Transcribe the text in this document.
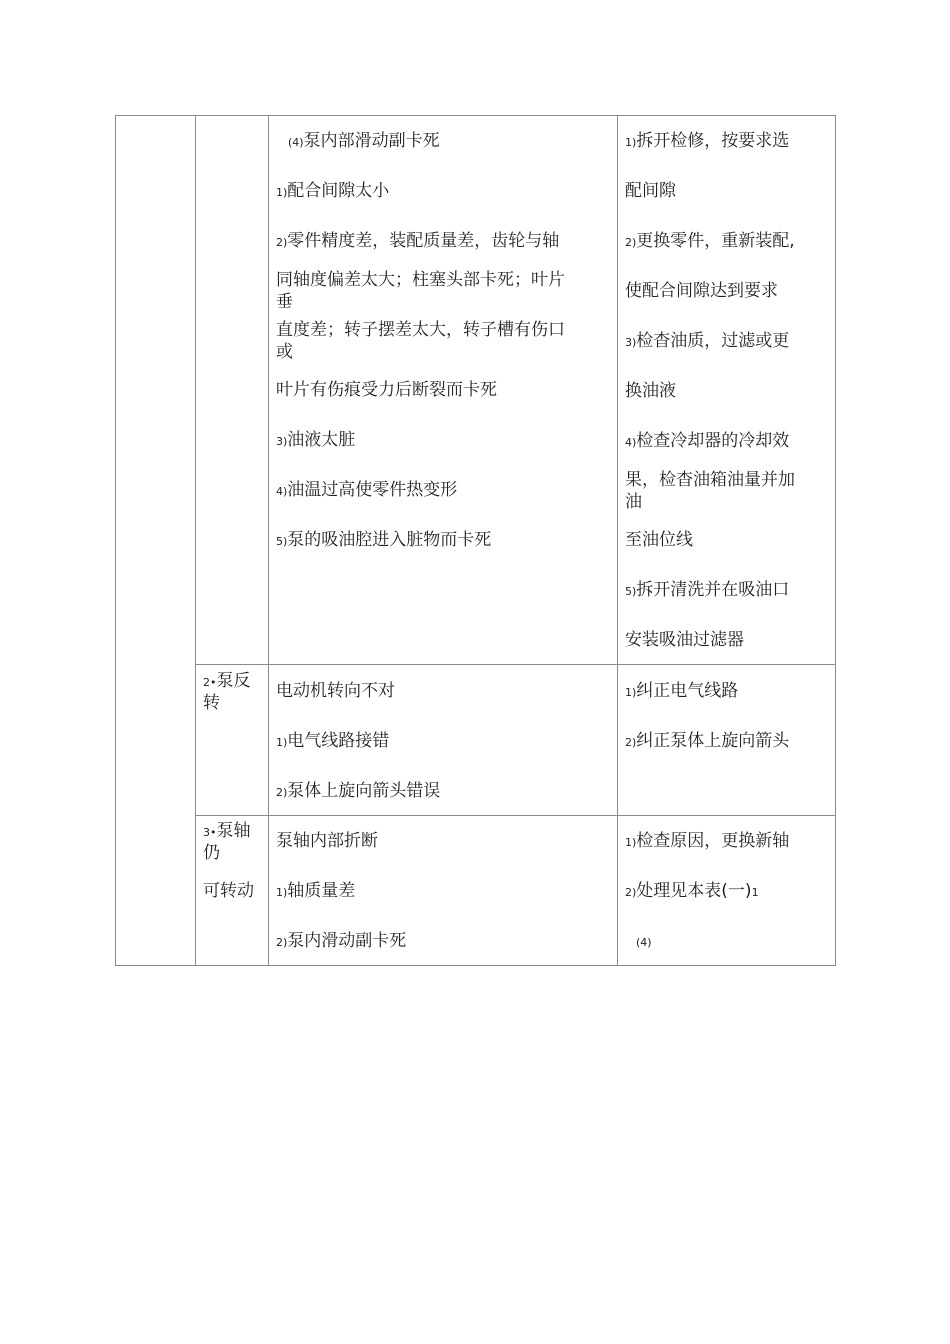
(4)泵内部滑动副卡死
1)配合间隙太小
2)零件精度差，装配质量差，齿轮与轴
同轴度偏差太大；柱塞头部卡死；叶片
垂
直度差；转子摆差太大，转子槽有伤口
或
叶片有伤痕受力后断裂而卡死
3)油液太脏
4)油温过高使零件热变形
5)泵的吸油腔进入脏物而卡死
1)拆开检修，按要求选
配间隙
2)更换零件，重新装配,
使配合间隙达到要求
3)检杳油质，过滤或更
换油液
4)检查冷却器的冷却效
果，检杳油箱油量并加
油
至油位线
5)拆开清洗并在吸油口
安装吸油过滤器
2•泵反
转
电动机转向不对
1)电气线路接错
2)泵体上旋向箭头错误
1)纠正电气线路
2)纠正泵体上旋向箭头
3•泵轴
仍
可转动
泵轴内部折断
1)轴质量差
2)泵内滑动副卡死
1)检查原因，更换新轴
2)处理见本表(一)1
(4)
